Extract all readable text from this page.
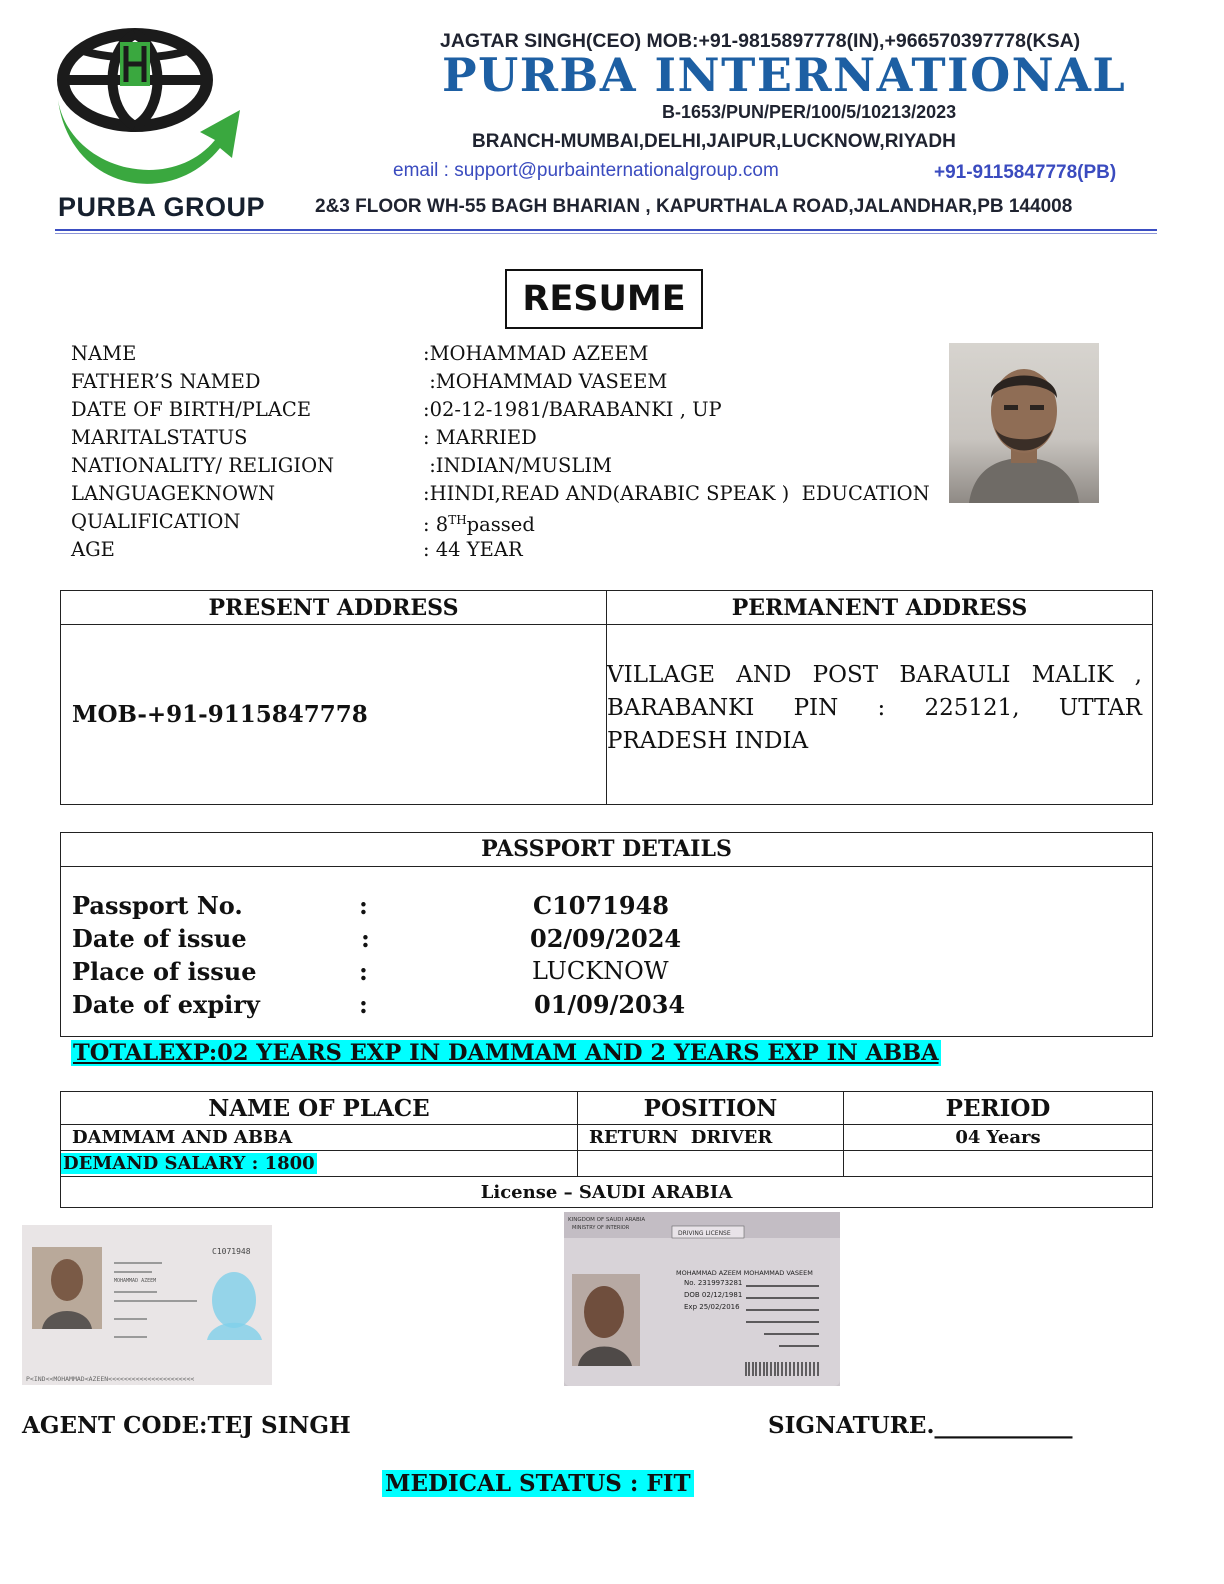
PURBA GROUP
JAGTAR SINGH(CEO) MOB:+91-9815897778(IN),+966570397778(KSA)
PURBA INTERNATIONAL
B-1653/PUN/PER/100/5/10213/2023
BRANCH-MUMBAI,DELHI,JAIPUR,LUCKNOW,RIYADH
email : support@purbainternationalgroup.com	+91-9115847778(PB)
2&3 FLOOR WH-55 BAGH BHARIAN , KAPURTHALA ROAD,JALANDHAR,PB 144008
RESUME
NAME	:MOHAMMAD AZEEM
FATHER’S NAMED	:MOHAMMAD VASEEM
DATE OF BIRTH/PLACE	:02-12-1981/BARABANKI , UP
MARITALSTATUS	: MARRIED
NATIONALITY/ RELIGION	:INDIAN/MUSLIM
LANGUAGEKNOWN	:HINDI,READ AND(ARABIC SPEAK )  EDUCATION
QUALIFICATION	: 8THpassed
AGE	: 44 YEAR
PRESENT ADDRESS	PERMANENT ADDRESS
MOB-+91-9115847778	VILLAGE AND POST BARAULI MALIK , BARABANKI PIN : 225121, UTTAR PRADESH INDIA
PASSPORT DETAILS
Passport No.	:	C1071948
Date of issue	:	02/09/2024
Place of issue	:	LUCKNOW
Date of expiry	:	01/09/2034
TOTALEXP:02 YEARS EXP IN DAMMAM AND 2 YEARS EXP IN ABBA
NAME OF PLACE	POSITION	PERIOD
DAMMAM AND ABBA	RETURN  DRIVER	04 Years
DEMAND SALARY : 1800		
License – SAUDI ARABIA		
C1071948
MOHAMMAD AZEEM
P<IND<<MOHAMMAD<AZEEN<<<<<<<<<<<<<<<<<<<<<<
KINGDOM OF SAUDI ARABIA
MINISTRY OF INTERIOR
DRIVING LICENSE
MOHAMMAD AZEEM MOHAMMAD VASEEM
No. 2319973281
DOB 02/12/1981
Exp 25/02/2016
AGENT CODE:TEJ SINGH	SIGNATURE.____________
MEDICAL STATUS : FIT
